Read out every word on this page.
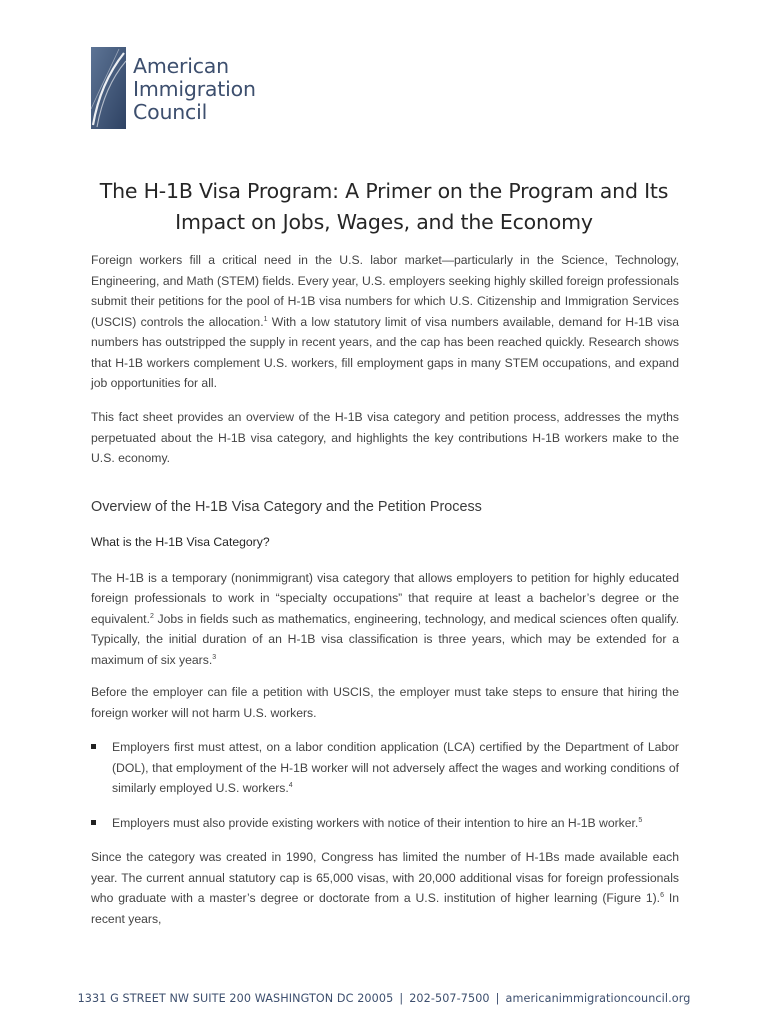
American
Immigration
Council
The H-1B Visa Program: A Primer on the Program and Its
Impact on Jobs, Wages, and the Economy

Foreign workers fill a critical need in the U.S. labor market—particularly in the Science, Technology, Engineering, and Math (STEM) fields. Every year, U.S. employers seeking highly skilled foreign professionals submit their petitions for the pool of H-1B visa numbers for which U.S. Citizenship and Immigration Services (USCIS) controls the allocation.$^1$ With a low statutory limit of visa numbers available, demand for H-1B visa numbers has outstripped the supply in recent years, and the cap has been reached quickly. Research shows that H-1B workers complement U.S. workers, fill employment gaps in many STEM occupations, and expand job opportunities for all.

This fact sheet provides an overview of the H-1B visa category and petition process, addresses the myths perpetuated about the H-1B visa category, and highlights the key contributions H-1B workers make to the U.S. economy.

Overview of the H-1B Visa Category and the Petition Process
What is the H-1B Visa Category?

The H-1B is a temporary (nonimmigrant) visa category that allows employers to petition for highly educated foreign professionals to work in “specialty occupations” that require at least a bachelor’s degree or the equivalent.$^2$ Jobs in fields such as mathematics, engineering, technology, and medical sciences often qualify. Typically, the initial duration of an H-1B visa classification is three years, which may be extended for a maximum of six years.$^3$

Before the employer can file a petition with USCIS, the employer must take steps to ensure that hiring the foreign worker will not harm U.S. workers.

Employers first must attest, on a labor condition application (LCA) certified by the Department of Labor (DOL), that employment of the H-1B worker will not adversely affect the wages and working conditions of similarly employed U.S. workers.$^4$
Employers must also provide existing workers with notice of their intention to hire an H-1B worker.$^5$

Since the category was created in 1990, Congress has limited the number of H-1Bs made available each year. The current annual statutory cap is 65,000 visas, with 20,000 additional visas for foreign professionals who graduate with a master’s degree or doctorate from a U.S. institution of higher learning (Figure 1).$^6$ In recent years,

1331 G STREET NW SUITE 200 WASHINGTON DC 20005 | 202-507-7500 | americanimmigrationcouncil.org
